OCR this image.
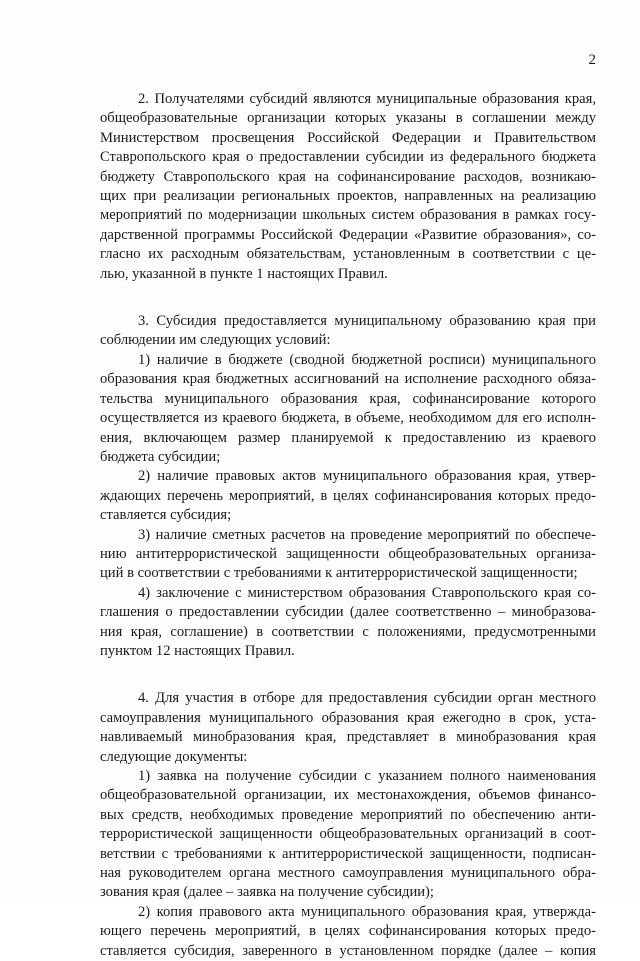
2
2. Получателями субсидий являются муниципальные образования края,
общеобразовательные организации которых указаны в соглашении между
Министерством просвещения Российской Федерации и Правительством
Ставропольского края о предоставлении субсидии из федерального бюджета
бюджету Ставропольского края на софинансирование расходов, возникаю-
щих при реализации региональных проектов, направленных на реализацию
мероприятий по модернизации школьных систем образования в рамках госу-
дарственной программы Российской Федерации «Развитие образования», со-
гласно их расходным обязательствам, установленным в соответствии с це-
лью, указанной в пункте 1 настоящих Правил.
3. Субсидия предоставляется муниципальному образованию края при
соблюдении им следующих условий:
1) наличие в бюджете (сводной бюджетной росписи) муниципального
образования края бюджетных ассигнований на исполнение расходного обяза-
тельства муниципального образования края, софинансирование которого
осуществляется из краевого бюджета, в объеме, необходимом для его исполн-
ения, включающем размер планируемой к предоставлению из краевого
бюджета субсидии;
2) наличие правовых актов муниципального образования края, утвер-
ждающих перечень мероприятий, в целях софинансирования которых предо-
ставляется субсидия;
3) наличие сметных расчетов на проведение мероприятий по обеспече-
нию антитеррористической защищенности общеобразовательных организа-
ций в соответствии с требованиями к антитеррористической защищенности;
4) заключение с министерством образования Ставропольского края со-
глашения о предоставлении субсидии (далее соответственно – минобразова-
ния края, соглашение) в соответствии с положениями, предусмотренными
пунктом 12 настоящих Правил.
4. Для участия в отборе для предоставления субсидии орган местного
самоуправления муниципального образования края ежегодно в срок, уста-
навливаемый минобразования края, представляет в минобразования края
следующие документы:
1) заявка на получение субсидии с указанием полного наименования
общеобразовательной организации, их местонахождения, объемов финансо-
вых средств, необходимых проведение мероприятий по обеспечению анти-
террористической защищенности общеобразовательных организаций в соот-
ветствии с требованиями к антитеррористической защищенности, подписан-
ная руководителем органа местного самоуправления муниципального обра-
зования края (далее – заявка на получение субсидии);
2) копия правового акта муниципального образования края, утвержда-
ющего перечень мероприятий, в целях софинансирования которых предо-
ставляется субсидия, заверенного в установленном порядке (далее – копия
